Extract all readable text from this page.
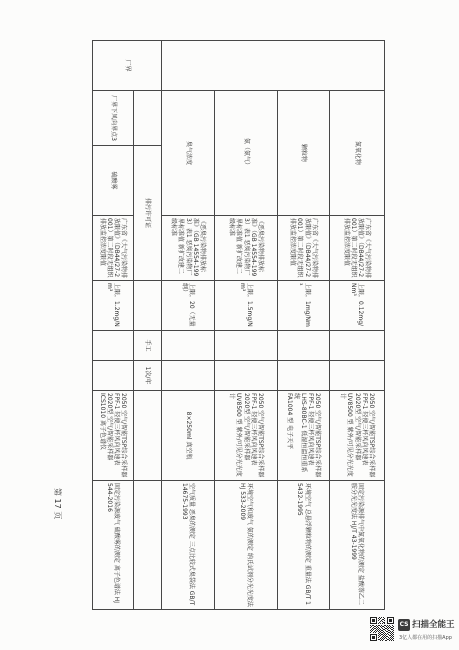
氮氧化物
广东省《大气污染物排放限值》（DB44/27-2001）第二时段无组织排放监控浓度限值
上限，0.12mg/Nm³
2050 空气/智能TSP综合采样器
FPF-1 轻便三杯风向风速表
2020型 空气/智能采样器
UV8500 型 紫外/可见分光光度计
固定污染源排气中氮氧化物的测定 盐酸萘乙二胺分光光度法 HJ/T 43-1999
颗粒物
广东省《大气污染物排放限值》（DB44/27-2001）第二时段无组织排放监控浓度限值
上限，1mg/Nm³
2050 空气/智能TSP综合采样器
FPF-1 轻便三杯风向风速表
LHS-80BC-1 低湿恒温恒重系统
FA1004 型 电子天平
环境空气 总悬浮颗粒物的测定 重量法 GB/T 15432-1995
氨（氨气）
《恶臭污染物排放标准》（GB 14554-1993）表1 恶臭污染物厂界标准值 新扩改建二级标准
上限，1.5mg/Nm³
2050 空气/智能TSP综合采样器
FPF-1 轻便三杯风向风速表
2020型 空气/智能采样器
UV8500 型 紫外/可见分光光度计
环境空气和废气 氨的测定 纳氏试剂分光光度法 HJ 533-2009
臭气浓度
《恶臭污染物排放标准》（GB 14554-1993）表1 恶臭污染物厂界标准值 新扩改建二级标准
上限，20（无量纲）
8×250ml 真空瓶
空气质量 恶臭的测定 三点比较式臭袋法 GB/T 14675-1993
厂界
排污许可证
手工
1次/年
厂界下风向界点3
硫酸雾
广东省《大气污染物排放限值》（DB44/27-2001）第二时段无组织排放监控浓度限值
上限，1.2mg/Nm³
2050 空气/智能TSP综合采样器
FPF-1 轻便三杯风向风速表
2020型 空气/智能采样器
ICS1010 离子色谱仪
固定污染源废气 硫酸雾的测定 离子色谱法 HJ 544-2016
第 17 页
CS 扫描全能王
3亿人都在用的扫描App
